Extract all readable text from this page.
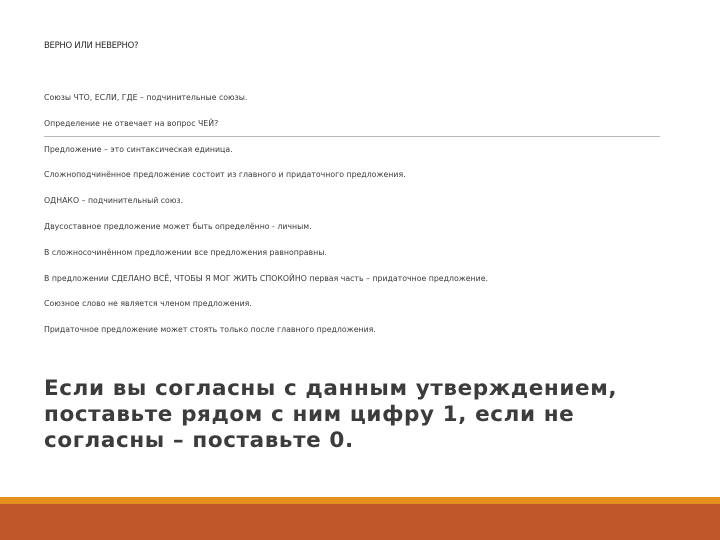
ВЕРНО ИЛИ НЕВЕРНО?
Союзы ЧТО, ЕСЛИ, ГДЕ – подчинительные союзы.
Определение не отвечает на вопрос ЧЕЙ?
Предложение – это синтаксическая единица.
Сложноподчинённое предложение состоит из главного и придаточного предложения.
ОДНАКО – подчинительный союз.
Двусоставное предложение может быть определённо - личным.
В сложносочинённом предложении все предложения равноправны.
В предложении СДЕЛАНО ВСЁ, ЧТОБЫ Я МОГ ЖИТЬ СПОКОЙНО первая часть – придаточное предложение.
Союзное слово не является членом предложения.
Придаточное предложение может стоять только после главного предложения.
Если вы согласны с данным утверждением, поставьте рядом с ним цифру 1, если не согласны – поставьте 0.
